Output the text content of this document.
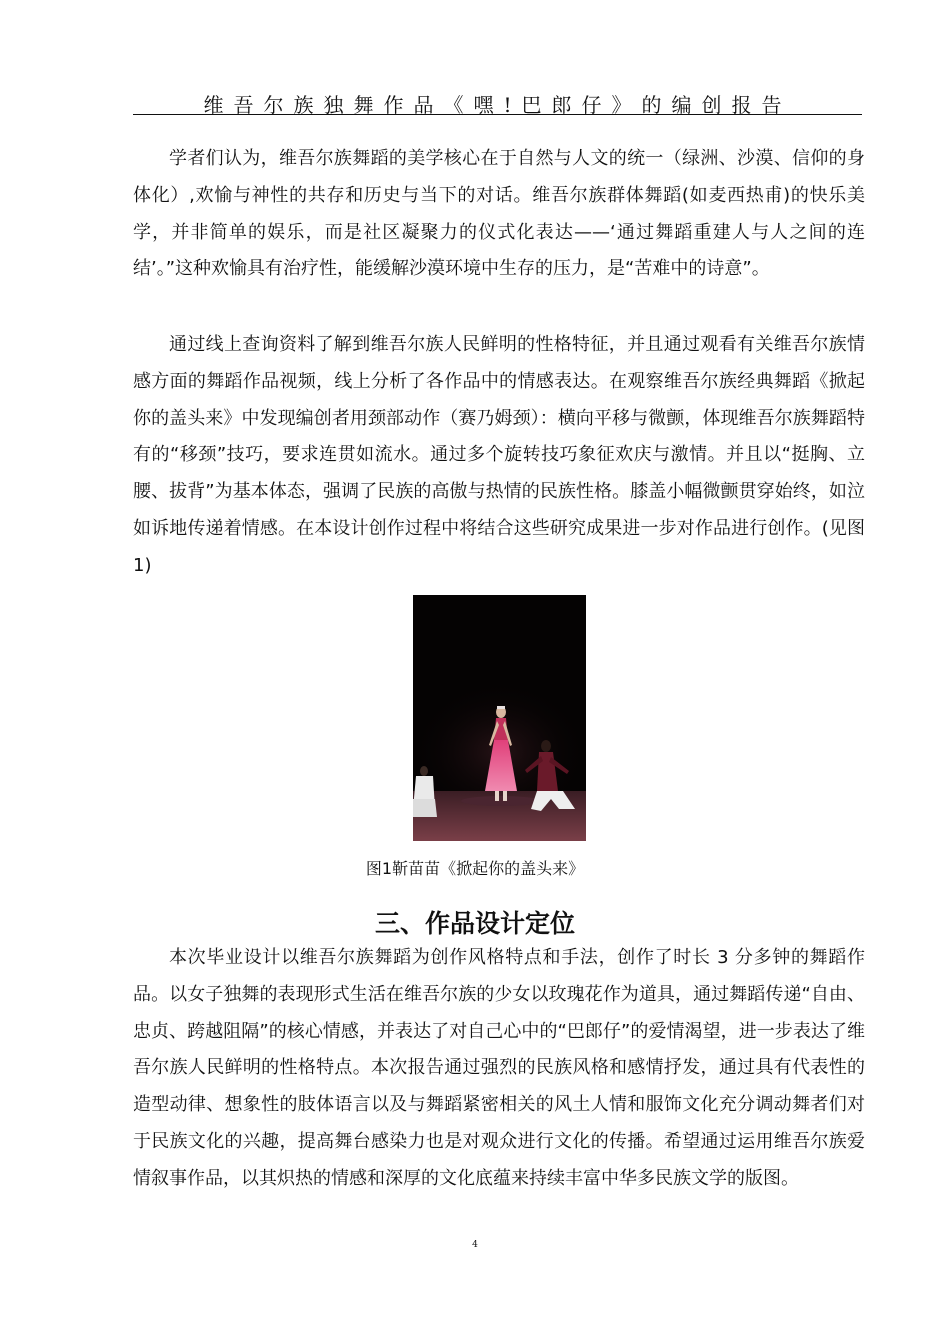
维吾尔族独舞作品《嘿!巴郎仔》的编创报告

学者们认为，维吾尔族舞蹈的美学核心在于自然与人文的统一（绿洲、沙漠、信仰的身体化）,欢愉与神性的共存和历史与当下的对话。维吾尔族群体舞蹈(如麦西热甫)的快乐美学，并非简单的娱乐，而是社区凝聚力的仪式化表达——‘通过舞蹈重建人与人之间的连结’。”这种欢愉具有治疗性，能缓解沙漠环境中生存的压力，是“苦难中的诗意”。

通过线上查询资料了解到维吾尔族人民鲜明的性格特征，并且通过观看有关维吾尔族情感方面的舞蹈作品视频，线上分析了各作品中的情感表达。在观察维吾尔族经典舞蹈《掀起你的盖头来》中发现编创者用颈部动作（赛乃姆颈）：横向平移与微颤，体现维吾尔族舞蹈特有的“移颈”技巧，要求连贯如流水。通过多个旋转技巧象征欢庆与激情。并且以“挺胸、立腰、拔背”为基本体态，强调了民族的高傲与热情的民族性格。膝盖小幅微颤贯穿始终，如泣如诉地传递着情感。在本设计创作过程中将结合这些研究成果进一步对作品进行创作。(见图1)

图1靳苗苗《掀起你的盖头来》
三、作品设计定位

本次毕业设计以维吾尔族舞蹈为创作风格特点和手法，创作了时长 3 分多钟的舞蹈作品。以女子独舞的表现形式生活在维吾尔族的少女以玫瑰花作为道具，通过舞蹈传递“自由、忠贞、跨越阻隔”的核心情感，并表达了对自己心中的“巴郎仔”的爱情渴望，进一步表达了维吾尔族人民鲜明的性格特点。本次报告通过强烈的民族风格和感情抒发，通过具有代表性的造型动律、想象性的肢体语言以及与舞蹈紧密相关的风土人情和服饰文化充分调动舞者们对于民族文化的兴趣，提高舞台感染力也是对观众进行文化的传播。希望通过运用维吾尔族爱情叙事作品，以其炽热的情感和深厚的文化底蕴来持续丰富中华多民族文学的版图。

4
